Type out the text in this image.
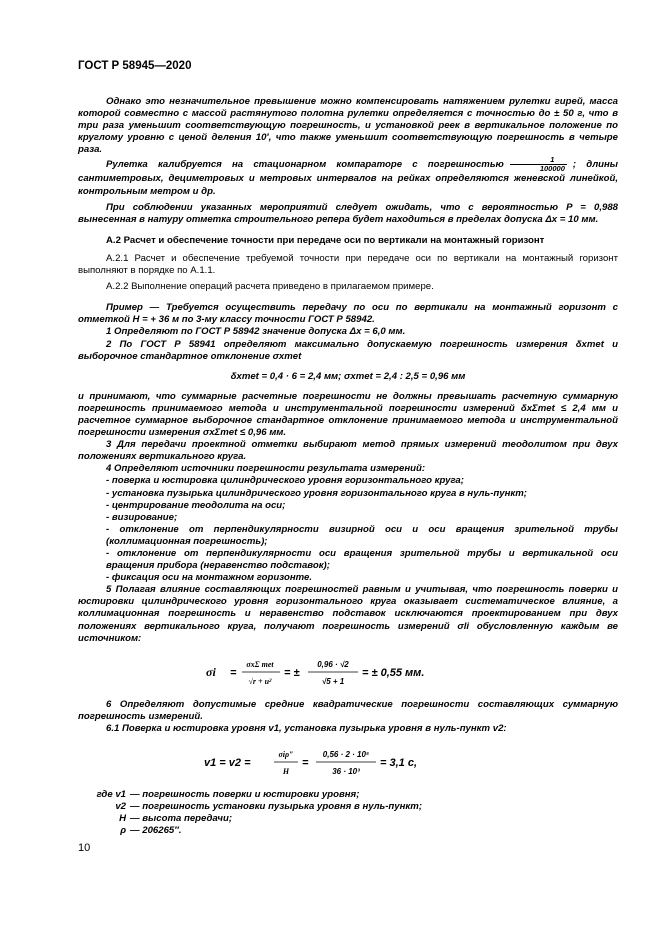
ГОСТ Р 58945—2020

Однако это незначительное превышение можно компенсировать натяжением рулетки гирей, масса которой совместно с массой растянутого полотна рулетки определяется с точностью до ± 50 г, что в три раза уменьшит соответствующую погрешность, и установкой реек в вертикальное положение по круглому уровню с ценой деления 10′, что также уменьшит соответствующую погрешность в четыре раза.

Рулетка калибруется на стационарном компараторе с погрешностью $\frac{1}{100000}$ ; длины сантиметровых, дециметровых и метровых интервалов на рейках определяются женевской линейкой, контрольным метром и др.

При соблюдении указанных мероприятий следует ожидать, что с вероятностью P = 0,988 вынесенная в натуру отметка строительного репера будет находиться в пределах допуска Δx = 10 мм.

А.2 Расчет и обеспечение точности при передаче оси по вертикали на монтажный горизонт

А.2.1 Расчет и обеспечение требуемой точности при передаче оси по вертикали на монтажный горизонт выполняют в порядке по А.1.1.

А.2.2 Выполнение операций расчета приведено в прилагаемом примере.

Пример — Требуется осуществить передачу по оси по вертикали на монтажный горизонт с отметкой Н = + 36 м по 3-му классу точности ГОСТ Р 58942.

1 Определяют по ГОСТ Р 58942 значение допуска Δx = 6,0 мм.

2 По ГОСТ Р 58941 определяют максимально допускаемую погрешность измерения δxmet и выборочное стандартное отклонение σxmet

δxmet = 0,4 · 6 = 2,4 мм; σxmet = 2,4 : 2,5 = 0,96 мм

и принимают, что суммарные расчетные погрешности не должны превышать расчетную суммарную погрешность принимаемого метода и инструментальной погрешности измерений δxΣmet ≤ 2,4 мм и расчетное суммарное выборочное стандартное отклонение принимаемого метода и инструментальной погрешности измерения σxΣmet ≤ 0,96 мм.

3 Для передачи проектной отметки выбирают метод прямых измерений теодолитом при двух положениях вертикального круга.

4 Определяют источники погрешности результата измерений:

- поверка и юстировка цилиндрического уровня горизонтального круга;

- установка пузырька цилиндрического уровня горизонтального круга в нуль-пункт;

- центрирование теодолита на оси;

- визирование;

- отклонение от перпендикулярности визирной оси и оси вращения зрительной трубы (коллимационная погрешность);

- отклонение от перпендикулярности оси вращения зрительной трубы и вертикальной оси вращения прибора (неравенство подставок);

- фиксация оси на монтажном горизонте.

5 Полагая влияние составляющих погрешностей равным и учитывая, что погрешность поверки и юстировки цилиндрического уровня горизонтального круга оказывает систематическое влияние, а коллимационная погрешность и неравенство подставок исключаются проектированием при двух положениях вертикального круга, получают погрешность измерений σli обусловленную каждым ве источником:

σi =
σxΣ met
√r + u²
= ±
0,96 · √2
√5 + 1
= ± 0,55 мм.

6 Определяют допустимые средние квадратические погрешности составляющих суммарную погрешность измерений.

6.1 Поверка и юстировка уровня v1, установка пузырька уровня в нуль-пункт v2:

v1 = v2 =
σiρ″
H
=
0,56 · 2 · 10⁵
36 · 10³
= 3,1 с,
где v1 — погрешность поверки и юстировки уровня;
v2 — погрешность установки пузырька уровня в нуль-пункт;
H — высота передачи;
ρ — 206265″.
10
